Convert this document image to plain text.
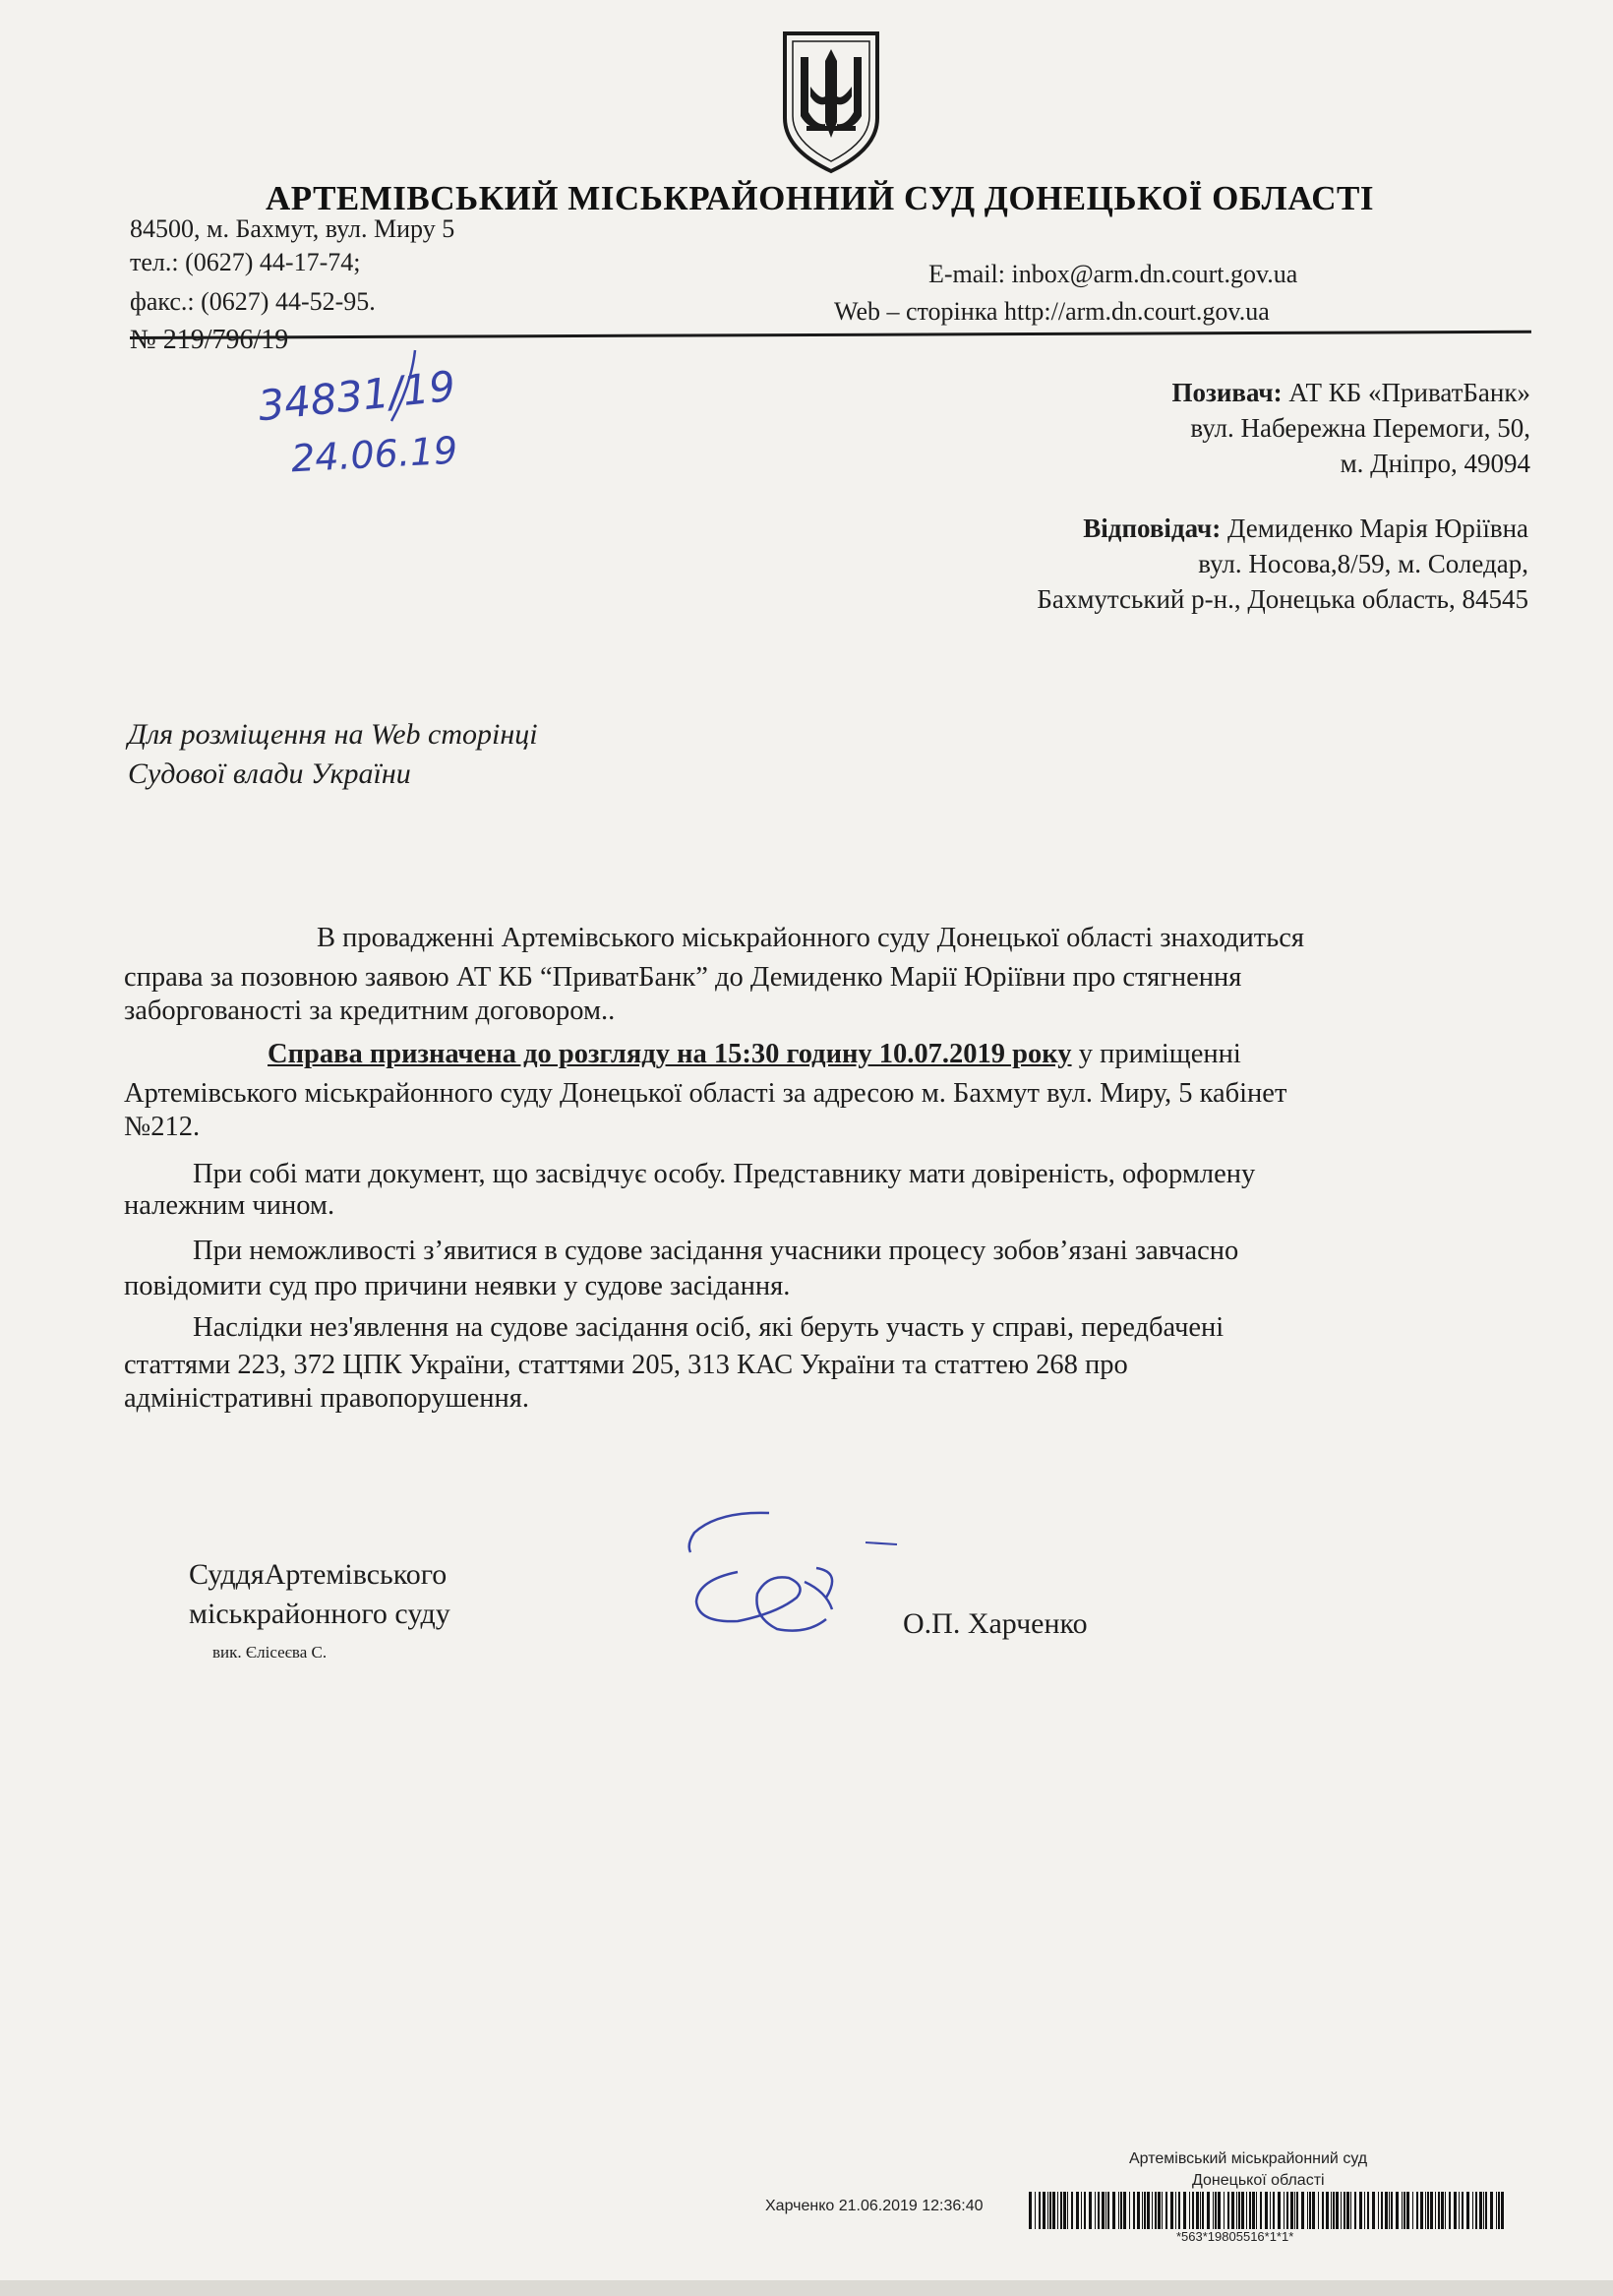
АРТЕМІВСЬКИЙ МІСЬКРАЙОННИЙ СУД ДОНЕЦЬКОЇ ОБЛАСТІ
84500, м. Бахмут, вул. Миру 5
тел.: (0627) 44-17-74;
факс.: (0627) 44-52-95.
E-mail: inbox@arm.dn.court.gov.ua
Web – сторінка http://arm.dn.court.gov.ua
№ 219/796/19
34831/19
24.06.19
Позивач: АТ КБ «ПриватБанк»
вул. Набережна Перемоги, 50,
м. Дніпро, 49094
Відповідач: Демиденко Марія Юріївна
вул. Носова,8/59, м. Соледар,
Бахмутський р-н., Донецька область, 84545
Для розміщення на Web сторінці
Судової влади України
В провадженні Артемівського міськрайонного суду Донецької області знаходиться
справа за позовною заявою АТ КБ “ПриватБанк” до Демиденко Марії Юріївни про стягнення
заборгованості за кредитним договором..
Справа призначена до розгляду на 15:30 годину 10.07.2019 року у приміщенні
Артемівського міськрайонного суду Донецької області за адресою м. Бахмут вул. Миру, 5 кабінет
№212.
При собі мати документ, що засвідчує особу. Представнику мати довіреність, оформлену
належним чином.
При неможливості з’явитися в судове засідання учасники процесу зобов’язані завчасно
повідомити суд про причини неявки у судове засідання.
Наслідки нез'явлення на судове засідання осіб, які беруть участь у справі, передбачені
статтями 223, 372 ЦПК України, статтями 205, 313 КАС України та статтею 268 про
адміністративні правопорушення.
СуддяАртемівського
міськрайонного суду
вик. Єлісеєва С.
О.П. Харченко
Артемівський міськрайонний суд
Донецької області
Харченко 21.06.2019 12:36:40
*563*19805516*1*1*
